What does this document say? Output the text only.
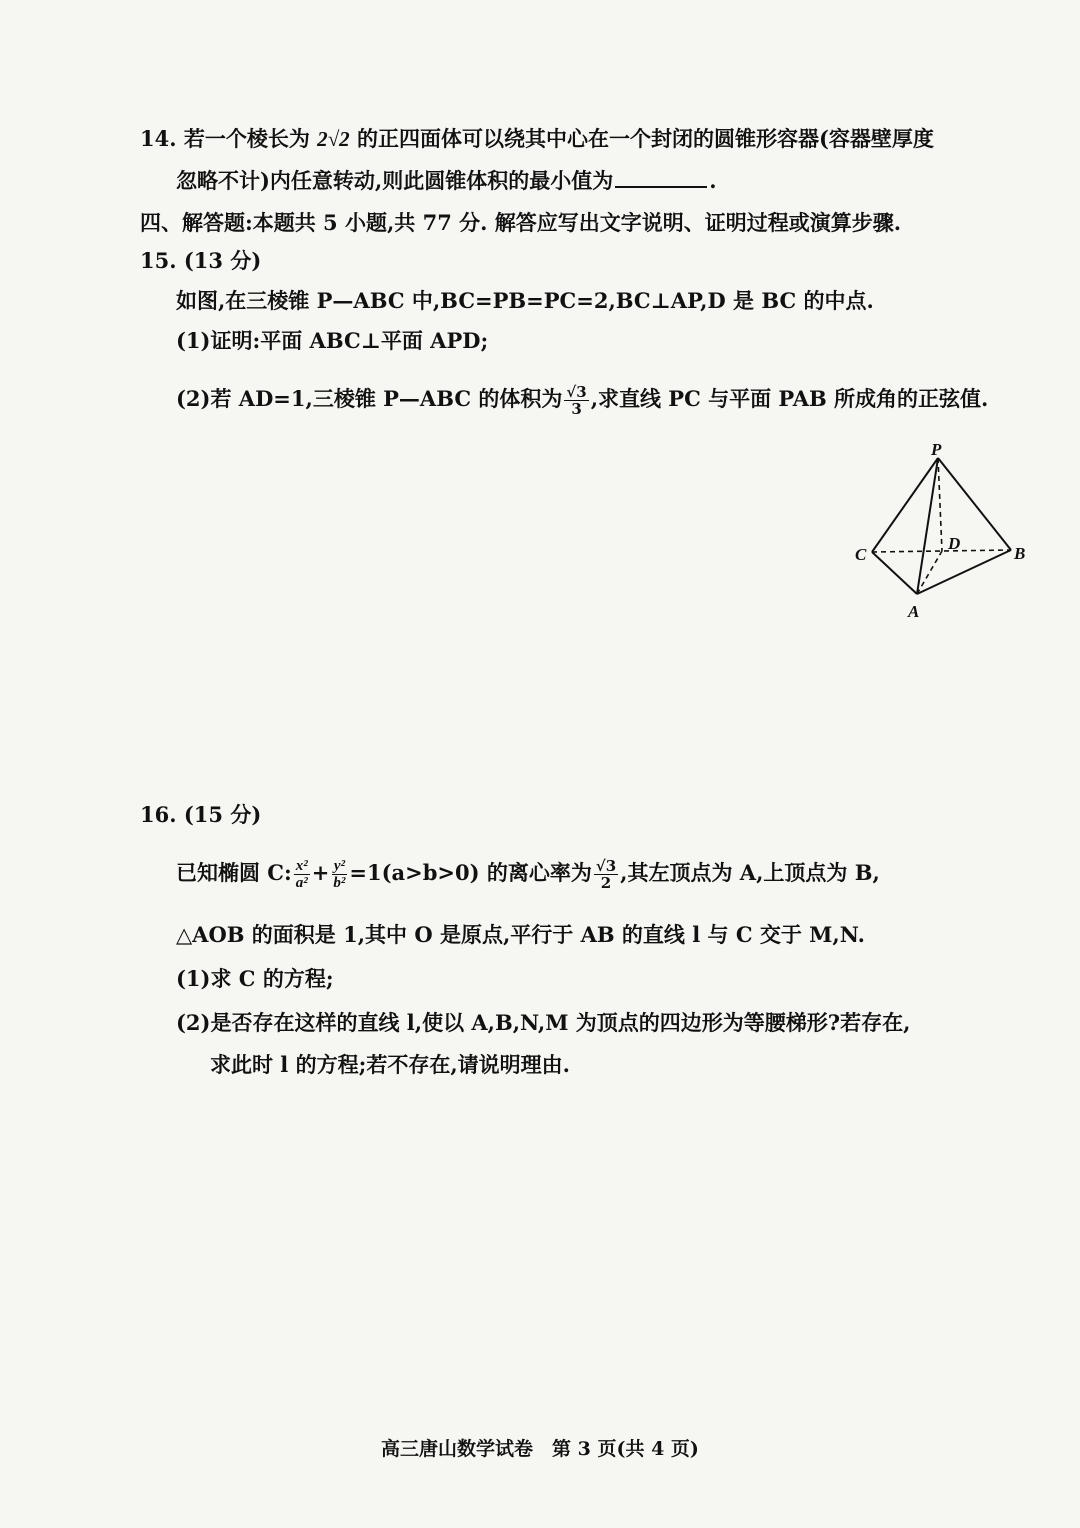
14. 若一个棱长为 2√2 的正四面体可以绕其中心在一个封闭的圆锥形容器(容器壁厚度
忽略不计)内任意转动,则此圆锥体积的最小值为	.
四、解答题:本题共 5 小题,共 77 分. 解答应写出文字说明、证明过程或演算步骤.
15. (13 分)
如图,在三棱锥 P—ABC 中,BC=PB=PC=2,BC⊥AP,D 是 BC 的中点.
(1)证明:平面 ABC⊥平面 APD;
(2)若 AD=1,三棱锥 P—ABC 的体积为 $\frac{√3}{3}$ ,求直线 PC 与平面 PAB 所成角的正弦值.
P
C	B
A
D
16. (15 分)
已知椭圆 C: $\frac{\text{x²}}{\text{a²}} + \frac{\text{y²}}{\text{b²}} =1(a>b>0)$ 的离心率为 $\frac{√3}{2}$ ,其左顶点为 A,上顶点为 B,
△AOB 的面积是 1,其中 O 是原点,平行于 AB 的直线 l 与 C 交于 M,N.
(1)求 C 的方程;
(2)是否存在这样的直线 l,使以 A,B,N,M 为顶点的四边形为等腰梯形?若存在,
求此时 l 的方程;若不存在,请说明理由.
高三唐山数学试卷　第 3 页(共 4 页)
